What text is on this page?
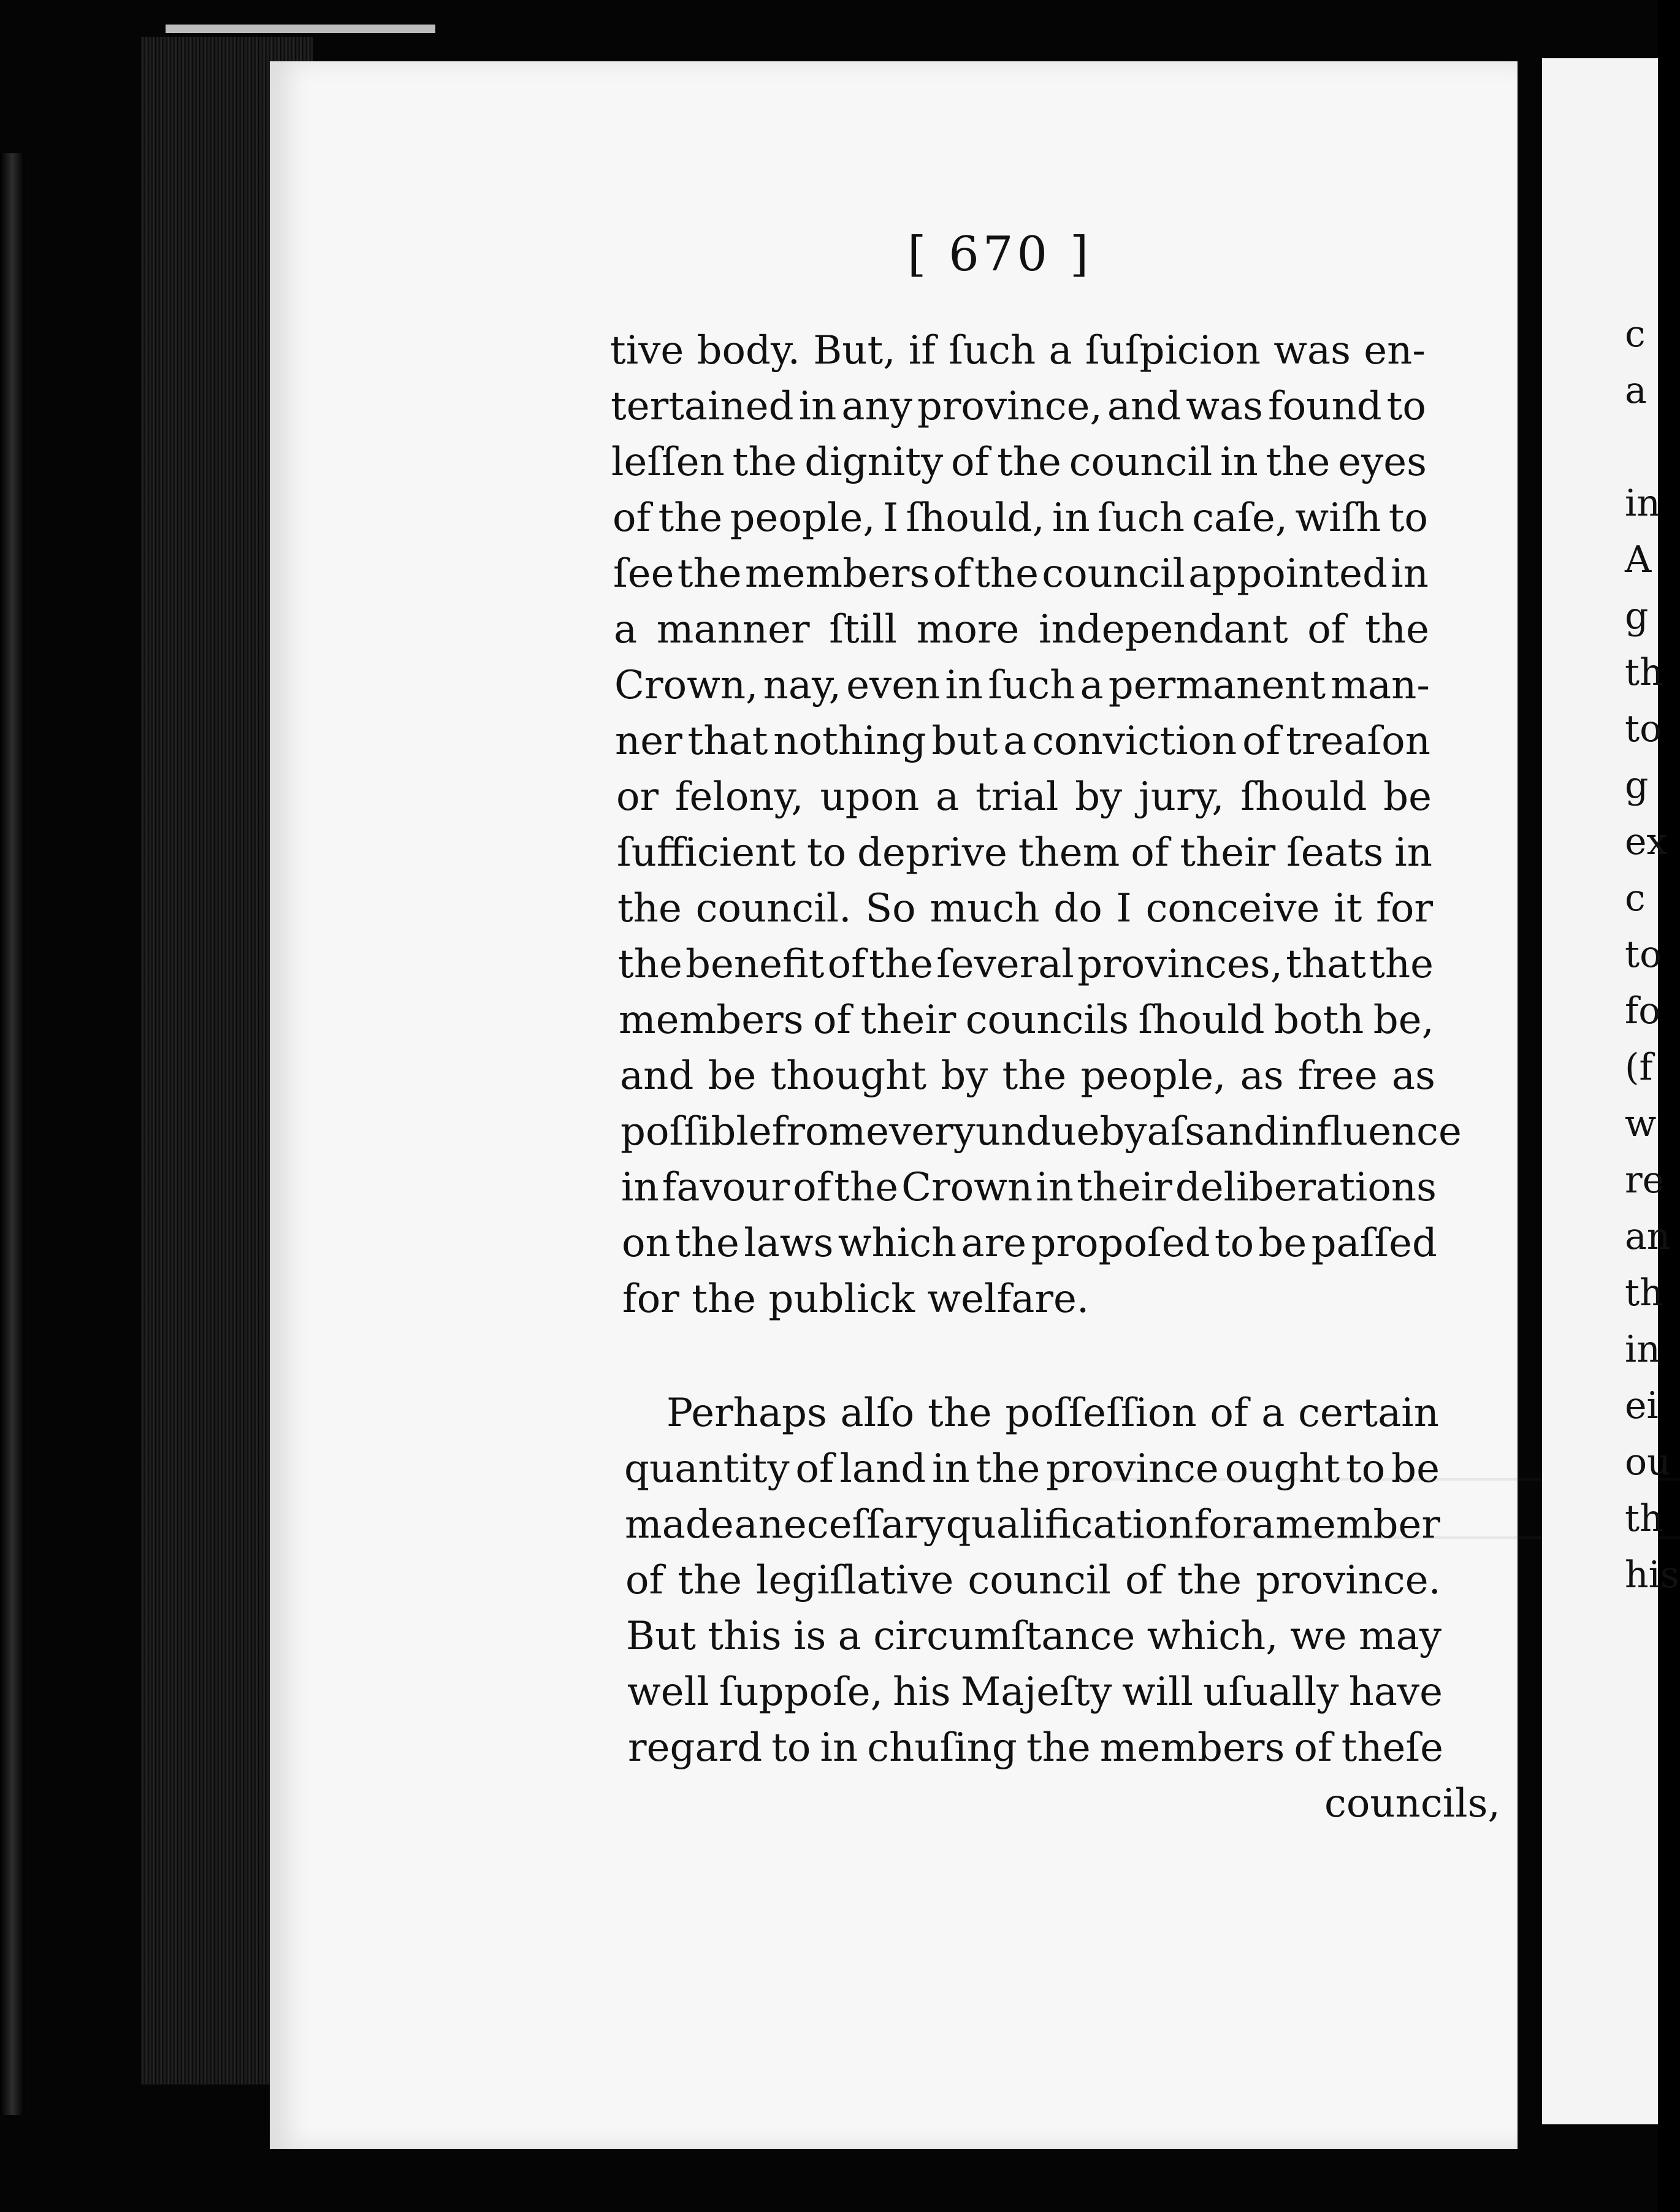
[ 670 ]
tive body. But, if ſuch a ſuſpicion was en-
tertained in any province, and was found to
leſſen the dignity of the council in the eyes
of the people, I ſhould, in ſuch caſe, wiſh to
ſee the members of the council appointed in
a manner ſtill more independant of the
Crown, nay, even in ſuch a permanent man-
ner that nothing but a conviction of treaſon
or felony, upon a trial by jury, ſhould be
ſufficient to deprive them of their ſeats in
the council. So much do I conceive it for
the benefit of the ſeveral provinces, that the
members of their councils ſhould both be,
and be thought by the people, as free as
poſſible from every undue byaſs and influence
in favour of the Crown in their deliberations
on the laws which are propoſed to be paſſed
for the publick welfare.
Perhaps alſo the poſſeſſion of a certain
quantity of land in the province ought to be
made a neceſſary qualification for a member
of the legiſlative council of the province.
But this is a circumſtance which, we may
well ſuppoſe, his Majeſty will uſually have
regard to in chuſing the members of theſe
councils,
c
a
in
A
g
th
to
g
ex
c
to
fo
(f
w
re
an
th
in
ei
ou
th
his
